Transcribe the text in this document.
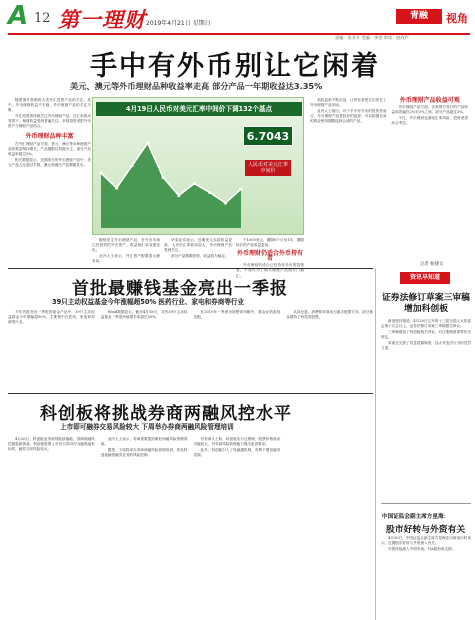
A 12 第一理财 2019年4月21日 星期日
青融	视角
责编：张亚升 美编：李莹 审读：赵欣严
手中有外币别让它闲着
美元、澳元等外币理财品种收益率走高 部分产品一年期收益达3.35%

随着境外资源的大类外汇投资产品的关注。其中，外币理财收益不平稳，外币理财产品的关注不断。

外汇投资者持续关注外币理财产品，在汇率波动背景下，理财收益受到普遍关注，多数投资者把外币资产与理财产品结合。

外币理财品种丰富

在外汇理财产品方面，美元、澳元等币种理财产品的数量保持增长，产品期限以短期为主，部分产品收益率超过3%。

相关数据显示，近期发行的外币理财产品中，美元产品占比超过半数，澳元和港币产品紧随其后。

4月19日人民币对美元汇率中间价下调132个基点
6.7043
人民币对美元汇率中间价

顺势发生外币理财产品，在外币市场已经投资的外币资产，收益和汇率双重变化。

业内人士表示，外汇资产配置需合理布局。

华泰证券表示，近期美元存款收益更高，人民币汇率波动加大，外币理财产品受到关注。

部分产品期限较短，收益较为稳定。

于1000美元，期限6个月至1年，期限较长的产品收益更高。

外币理财仍适合外币持有者

外币理财仍适合已经持有外币的投资者，不建议为了购买理财产品而专门换汇。

品收益率不断走低，让持有者把它们放在了外币理财产品市场。

业内人士指出，对于手中有外币的投资者而言，外币理财产品是较好的选择，可以根据自身的资金使用期限选择合适的产品。

外币理财产品收益可观

外币理财产品方面，各家银行发行的产品收益率普遍在2%至3%之间，部分产品超过3%。

不过，外币理财也面临汇率风险，投资者需综合考虑。

记者 杨捷文
首批最赚钱基金亮出一季报
39只主动权益基金今年涨幅超50% 医药行业、家电和券商等行业

今年首批亮出一季报的基金产品中，39只主动权益基金今年涨幅超50%，主要集中在医药、家电和券商等行业。

Wind数据显示，截至4月18日，共有39只主动权益基金一季度净值增长率超过50%。

在2019年一季度市场整体回暖中，基金业绩表现亮眼。

从持仓看，消费和券商成为重点配置方向，部分基金增持了科技类股票。

科创板将挑战券商两融风控水平
上市即可融券交易风险较大 下周举办券商两融风险管理培训

4月20日，科创板业务规则陆续落地，券商两融风控面临新挑战。科创板股票上市首日即可作为融资融券标的，融券交易风险较大。

业内人士表示，券商需要提前做好两融风险管理准备。

据悉，下周将举办券商两融风险管理培训，涉及科创板融资融券业务的风险控制。

有券商人士称，科创板实行注册制，股票价格波动可能较大，对券商风险管理能力提出更高要求。

此外，科创板引入了转融通机制，有利于增加融券券源。

资讯早知道
证券法修订草案三审稿增加科创板

新浪财经报道，4月20日召开的十三届全国人大常委会第十次会议上，证券法修订草案三审稿提交审议。

三审稿增加了科创板相关内容，对注册制改革等作出规定。

草案还完善了信息披露制度，加大对违法行为的处罚力度。

中国证监会副主席方星海：
股市好转与外资有关

4月20日，中国证监会副主席方星海在出席论坛时表示，近期股市好转与外资流入有关。

外资持续流入中国市场，对A股形成支撑。
